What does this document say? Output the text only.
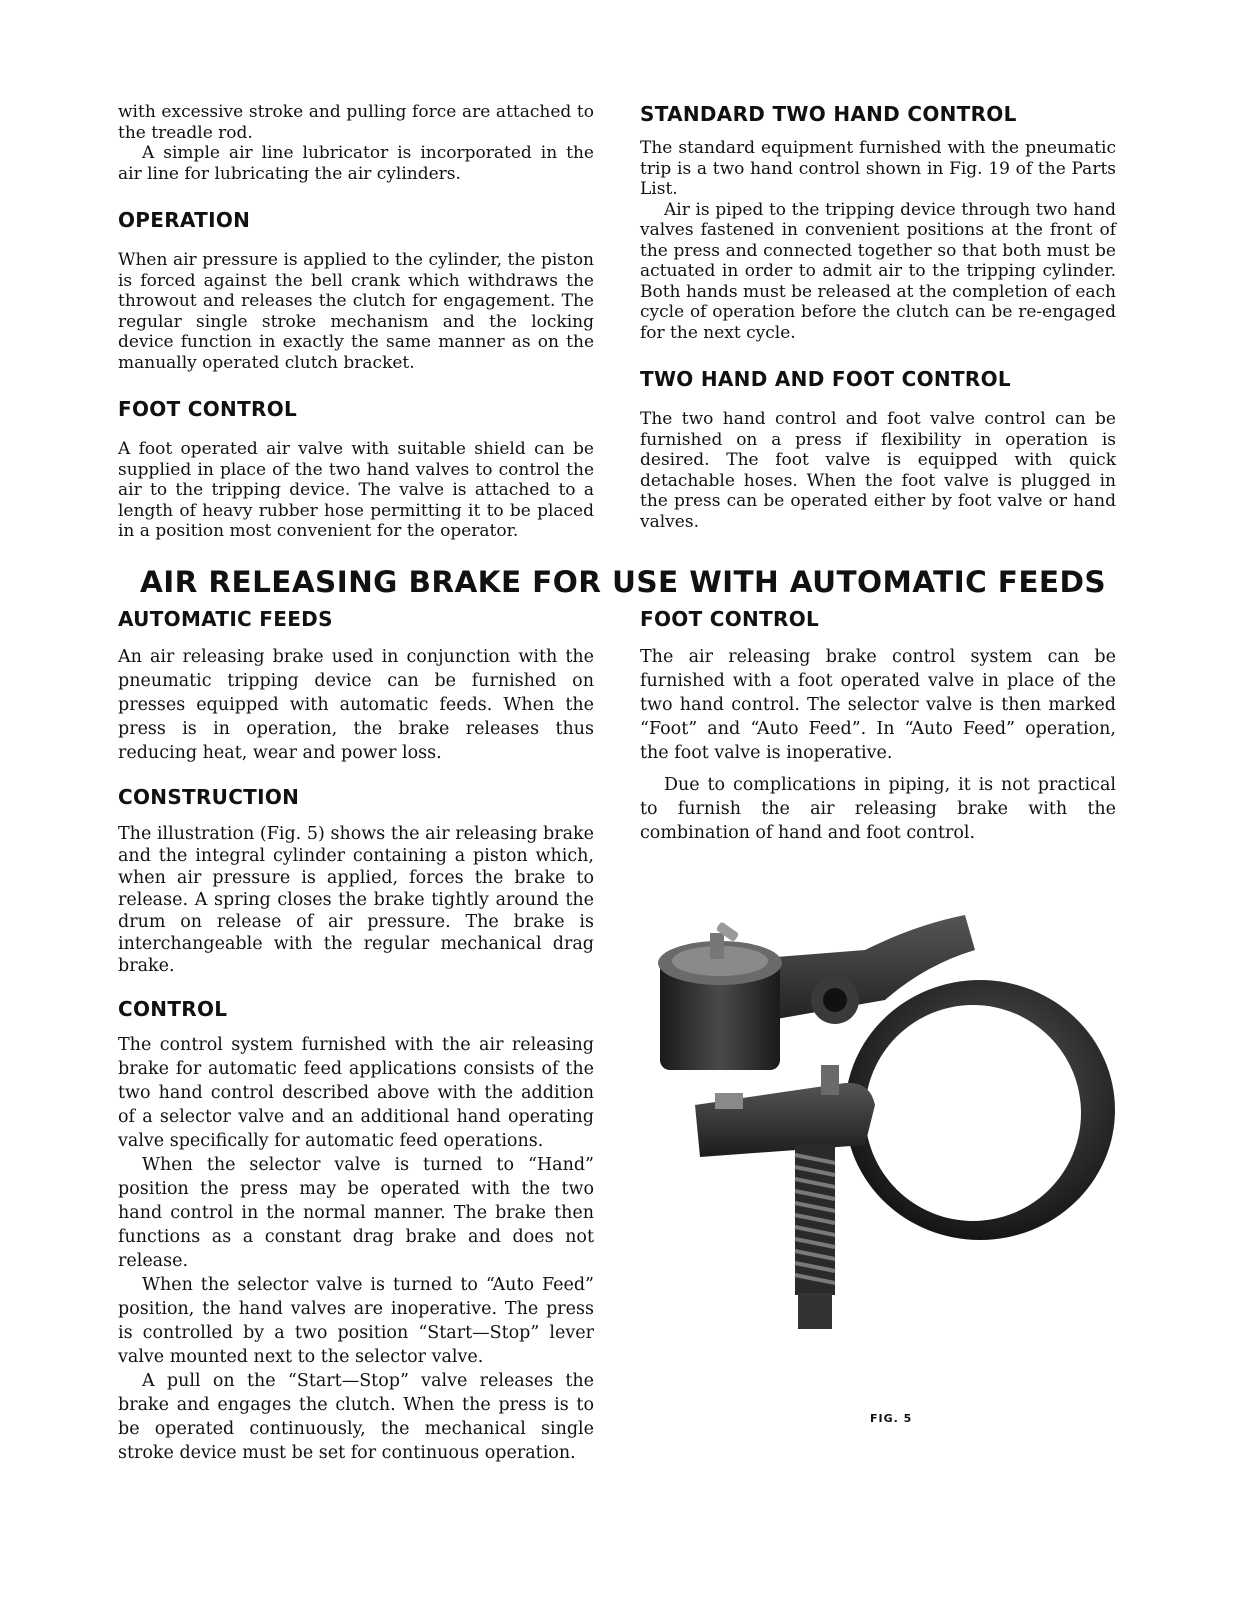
with excessive stroke and pulling force are attached to the treadle rod.

A simple air line lubricator is incorporated in the air line for lubricating the air cylinders.

OPERATION

When air pressure is applied to the cylinder, the piston is forced against the bell crank which withdraws the throwout and releases the clutch for engagement. The regular single stroke mechanism and the locking device function in exactly the same manner as on the manually operated clutch bracket.

FOOT CONTROL

A foot operated air valve with suitable shield can be supplied in place of the two hand valves to control the air to the tripping device. The valve is attached to a length of heavy rubber hose permitting it to be placed in a position most convenient for the operator.

STANDARD TWO HAND CONTROL

The standard equipment furnished with the pneumatic trip is a two hand control shown in Fig. 19 of the Parts List.

Air is piped to the tripping device through two hand valves fastened in convenient positions at the front of the press and connected together so that both must be actuated in order to admit air to the tripping cylinder. Both hands must be released at the completion of each cycle of operation before the clutch can be re-engaged for the next cycle.

TWO HAND AND FOOT CONTROL

The two hand control and foot valve control can be furnished on a press if flexibility in operation is desired. The foot valve is equipped with quick detachable hoses. When the foot valve is plugged in the press can be operated either by foot valve or hand valves.

AIR RELEASING BRAKE FOR USE WITH AUTOMATIC FEEDS
AUTOMATIC FEEDS

An air releasing brake used in conjunction with the pneumatic tripping device can be furnished on presses equipped with automatic feeds. When the press is in operation, the brake releases thus reducing heat, wear and power loss.

CONSTRUCTION

The illustration (Fig. 5) shows the air releasing brake and the integral cylinder containing a piston which, when air pressure is applied, forces the brake to release. A spring closes the brake tightly around the drum on release of air pressure. The brake is interchangeable with the regular mechanical drag brake.

CONTROL

The control system furnished with the air releasing brake for automatic feed applications consists of the two hand control described above with the addition of a selector valve and an additional hand operating valve specifically for automatic feed operations.

When the selector valve is turned to “Hand” position the press may be operated with the two hand control in the normal manner. The brake then functions as a constant drag brake and does not release.

When the selector valve is turned to “Auto Feed” position, the hand valves are inoperative. The press is controlled by a two position “Start—Stop” lever valve mounted next to the selector valve.

A pull on the “Start—Stop” valve releases the brake and engages the clutch. When the press is to be operated continuously, the mechanical single stroke device must be set for continuous operation.

FOOT CONTROL

The air releasing brake control system can be furnished with a foot operated valve in place of the two hand control. The selector valve is then marked “Foot” and “Auto Feed”. In “Auto Feed” operation, the foot valve is inoperative.

Due to complications in piping, it is not practical to furnish the air releasing brake with the combination of hand and foot control.

FIG. 5
